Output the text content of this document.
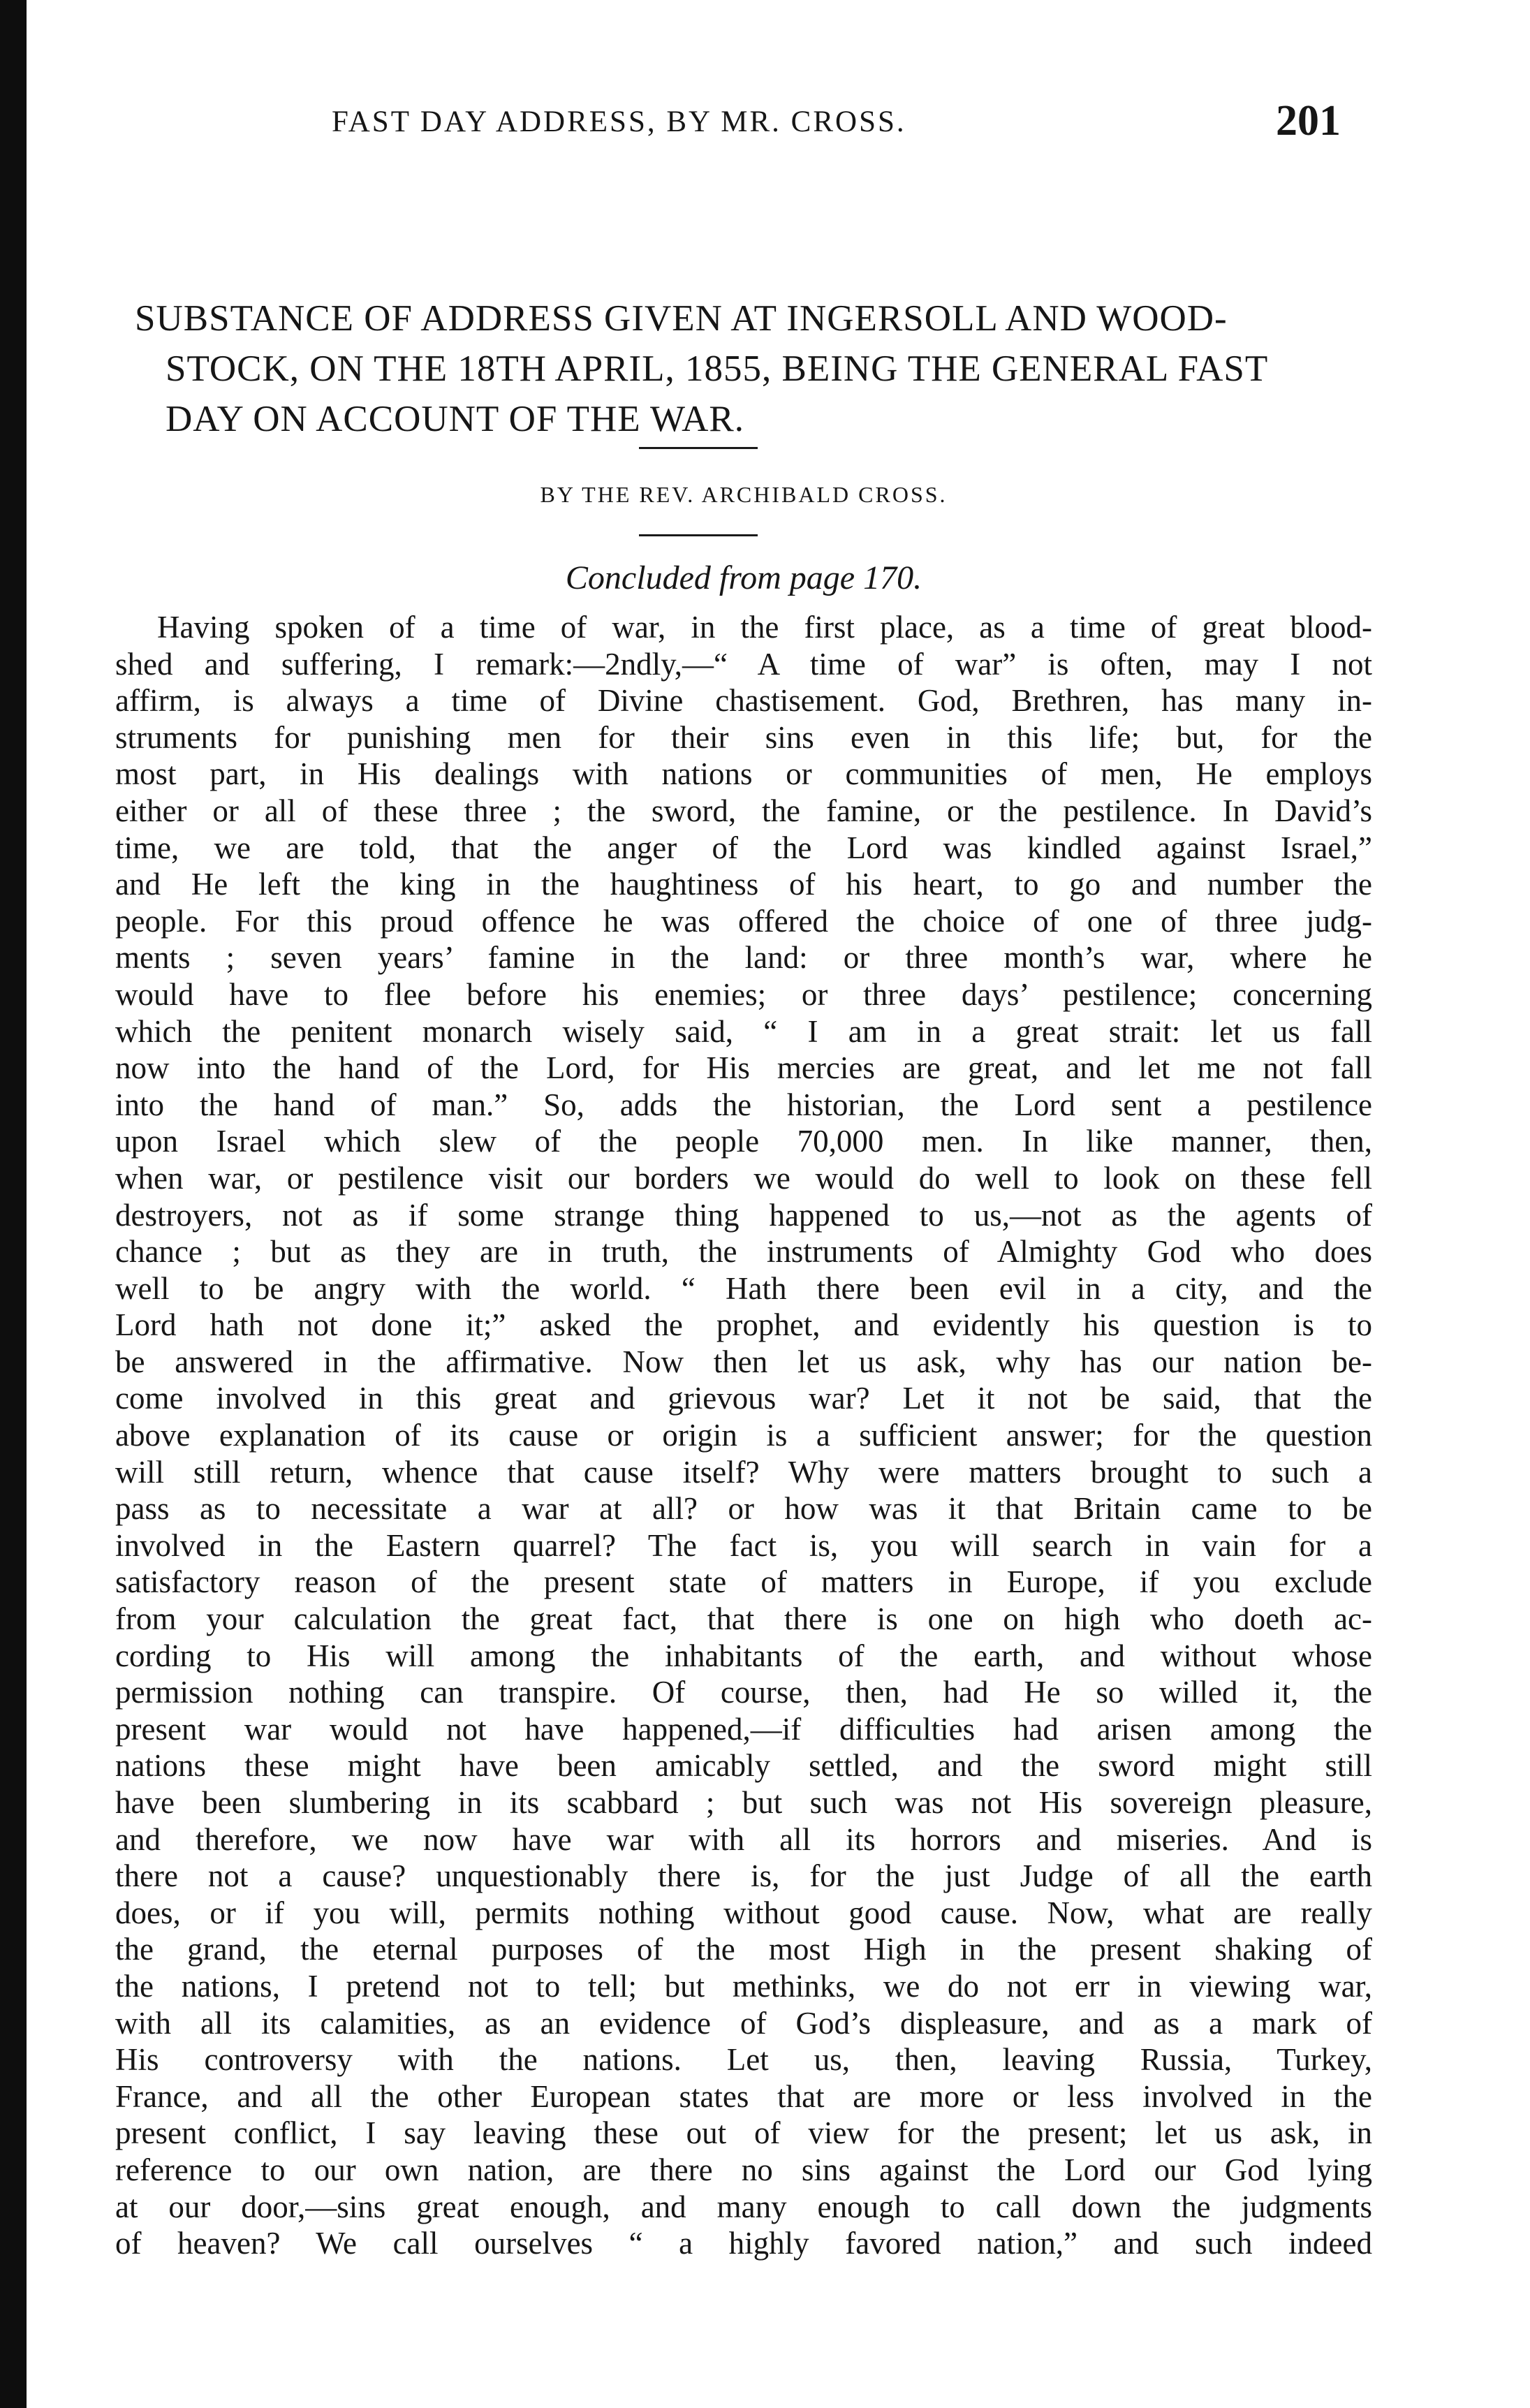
FAST DAY ADDRESS, BY MR. CROSS.	201
SUBSTANCE OF ADDRESS GIVEN AT INGERSOLL AND WOOD-
STOCK, ON THE 18TH APRIL, 1855, BEING THE GENERAL FAST
DAY ON ACCOUNT OF THE WAR.
BY THE REV. ARCHIBALD CROSS.
Concluded from page 170.
Having spoken of a time of war, in the first place, as a time of great blood-
shed and suffering, I remark:—2ndly,—“ A time of war” is often, may I not
affirm, is always a time of Divine chastisement. God, Brethren, has many in-
struments for punishing men for their sins even in this life; but, for the
most part, in His dealings with nations or communities of men, He employs
either or all of these three ; the sword, the famine, or the pestilence. In David’s
time, we are told, that the anger of the Lord was kindled against Israel,”
and He left the king in the haughtiness of his heart, to go and number the
people. For this proud offence he was offered the choice of one of three judg-
ments ; seven years’ famine in the land: or three month’s war, where he
would have to flee before his enemies; or three days’ pestilence; concerning
which the penitent monarch wisely said, “ I am in a great strait: let us fall
now into the hand of the Lord, for His mercies are great, and let me not fall
into the hand of man.” So, adds the historian, the Lord sent a pestilence
upon Israel which slew of the people 70,000 men. In like manner, then,
when war, or pestilence visit our borders we would do well to look on these fell
destroyers, not as if some strange thing happened to us,—not as the agents of
chance ; but as they are in truth, the instruments of Almighty God who does
well to be angry with the world. “ Hath there been evil in a city, and the
Lord hath not done it;” asked the prophet, and evidently his question is to
be answered in the affirmative. Now then let us ask, why has our nation be-
come involved in this great and grievous war? Let it not be said, that the
above explanation of its cause or origin is a sufficient answer; for the question
will still return, whence that cause itself? Why were matters brought to such a
pass as to necessitate a war at all? or how was it that Britain came to be
involved in the Eastern quarrel? The fact is, you will search in vain for a
satisfactory reason of the present state of matters in Europe, if you exclude
from your calculation the great fact, that there is one on high who doeth ac-
cording to His will among the inhabitants of the earth, and without whose
permission nothing can transpire. Of course, then, had He so willed it, the
present war would not have happened,—if difficulties had arisen among the
nations these might have been amicably settled, and the sword might still
have been slumbering in its scabbard ; but such was not His sovereign pleasure,
and therefore, we now have war with all its horrors and miseries. And is
there not a cause? unquestionably there is, for the just Judge of all the earth
does, or if you will, permits nothing without good cause. Now, what are really
the grand, the eternal purposes of the most High in the present shaking of
the nations, I pretend not to tell; but methinks, we do not err in viewing war,
with all its calamities, as an evidence of God’s displeasure, and as a mark of
His controversy with the nations. Let us, then, leaving Russia, Turkey,
France, and all the other European states that are more or less involved in the
present conflict, I say leaving these out of view for the present; let us ask, in
reference to our own nation, are there no sins against the Lord our God lying
at our door,—sins great enough, and many enough to call down the judgments
of heaven? We call ourselves “ a highly favored nation,” and such indeed
